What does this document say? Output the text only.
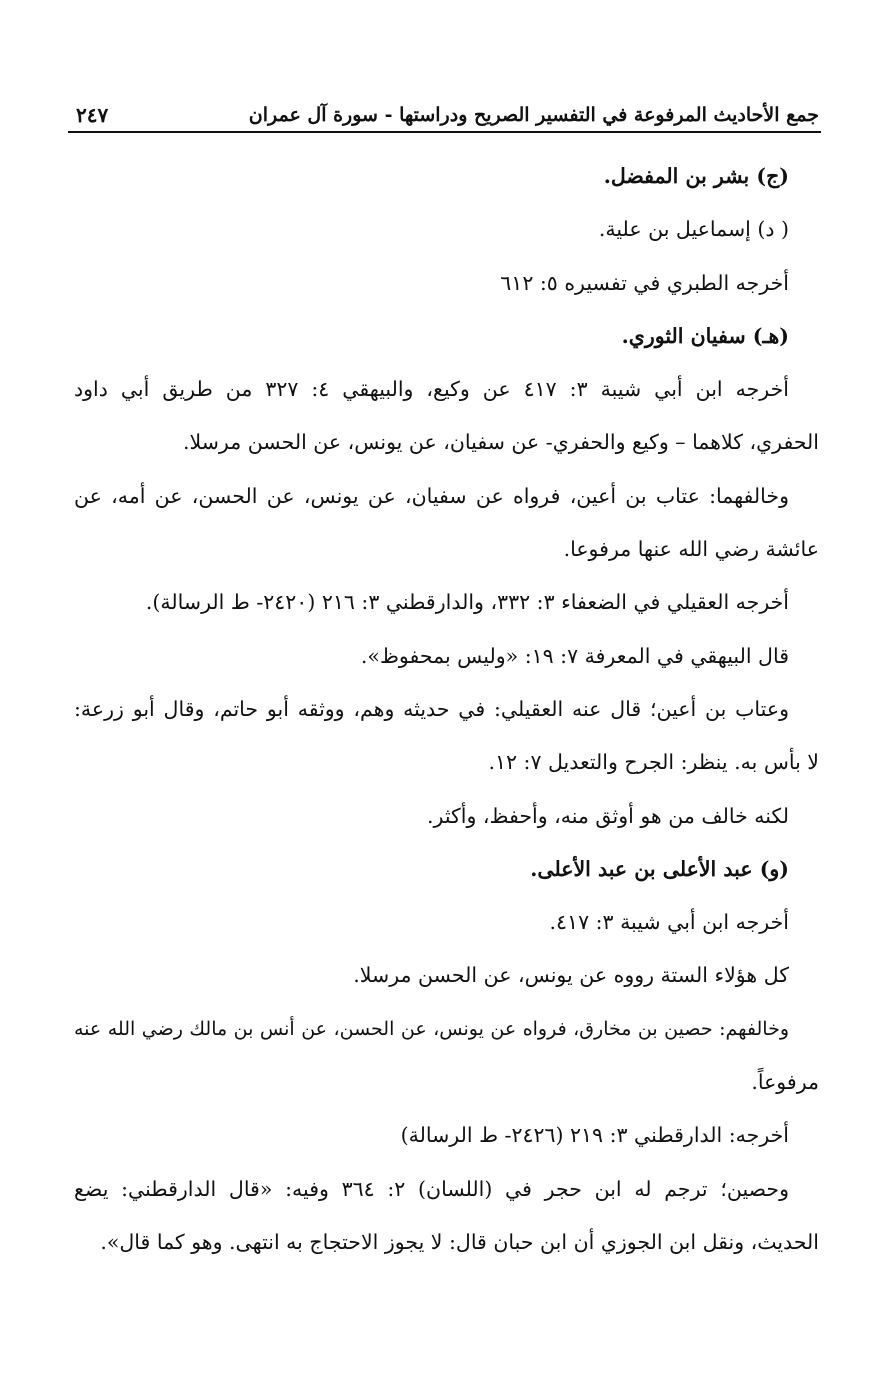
جمع الأحاديث المرفوعة في التفسير الصريح ودراستها - سورة آل عمران
٢٤٧
(ج) بشر بن المفضل.
( د) إسماعيل بن علية.
أخرجه الطبري في تفسيره ٥: ٦١٢
(هـ) سفيان الثوري.
أخرجه ابن أبي شيبة ٣: ٤١٧ عن وكيع، والبيهقي ٤: ٣٢٧ من طريق أبي داود
الحفري، كلاهما – وكيع والحفري- عن سفيان، عن يونس، عن الحسن مرسلا.
وخالفهما: عتاب بن أعين، فرواه عن سفيان، عن يونس، عن الحسن، عن أمه، عن
عائشة رضي الله عنها مرفوعا.
أخرجه العقيلي في الضعفاء ٣: ٣٣٢، والدارقطني ٣: ٢١٦ (٢٤٢٠- ط الرسالة).
قال البيهقي في المعرفة ٧: ١٩: «وليس بمحفوظ».
وعتاب بن أعين؛ قال عنه العقيلي: في حديثه وهم، ووثقه أبو حاتم، وقال أبو زرعة:
لا بأس به. ينظر: الجرح والتعديل ٧: ١٢.
لكنه خالف من هو أوثق منه، وأحفظ، وأكثر.
(و) عبد الأعلى بن عبد الأعلى.
أخرجه ابن أبي شيبة ٣: ٤١٧.
كل هؤلاء الستة رووه عن يونس، عن الحسن مرسلا.
وخالفهم: حصين بن مخارق، فرواه عن يونس، عن الحسن، عن أنس بن مالك رضي الله عنه
مرفوعاً.
أخرجه: الدارقطني ٣: ٢١٩ (٢٤٢٦- ط الرسالة)
وحصين؛ ترجم له ابن حجر في (اللسان) ٢: ٣٦٤ وفيه: «قال الدارقطني: يضع
الحديث، ونقل ابن الجوزي أن ابن حبان قال: لا يجوز الاحتجاج به انتهى. وهو كما قال».
